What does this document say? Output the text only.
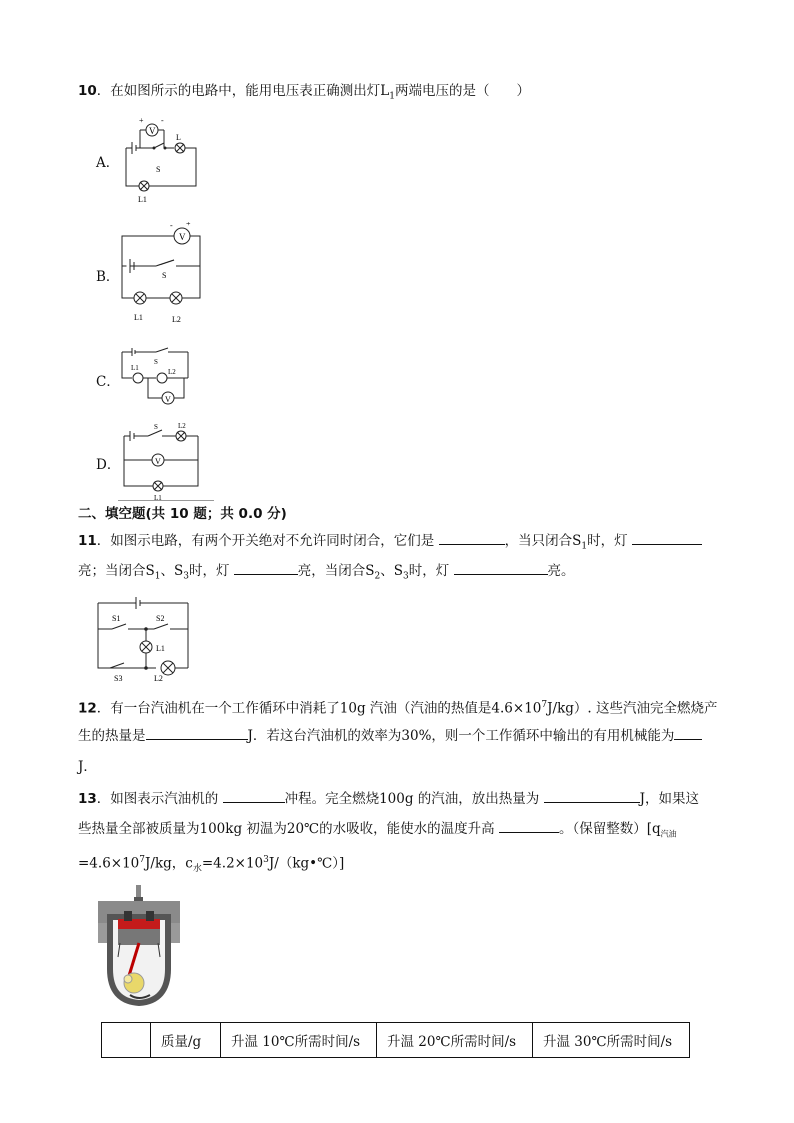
10．在如图所示的电路中，能用电压表正确测出灯$L_1$两端电压的是（　　）
A．
B．
C．
D．
V
+ -
S
L
L1
V
+
-
S
L1	L2
V
S
L1	L2
V
S	L2
L1
二、填空题(共 10 题；共 0.0 分)
11．如图示电路，有两个开关绝对不允许同时闭合，它们是	，当只闭合$S_1$时，灯
亮；当闭合$S_1$、$S_3$时，灯	亮，当闭合$S_2$、$S_3$时，灯	亮。
S1	S2
L1
S3	L2
12．有一台汽油机在一个工作循环中消耗了10g 汽油（汽油的热值是$4.6\times 10^7J/kg$）. 这些汽油完全燃烧产
生的热量是	J．若这台汽油机的效率为30%，则一个工作循环中输出的有用机械能为
J．
13．如图表示汽油机的	冲程。完全燃烧100g 的汽油，放出热量为	J，如果这
些热量全部被质量为100kg 初温为20℃的水吸收，能使水的温度升高	。（保留整数）[$q_{汽油}$
$=4.6\times 10^7J/kg$，$c_水=4.2\times 10^3J/(kg•℃)$]
	质量/g	升温 10℃所需时间/s	升温 20℃所需时间/s	升温 30℃所需时间/s
